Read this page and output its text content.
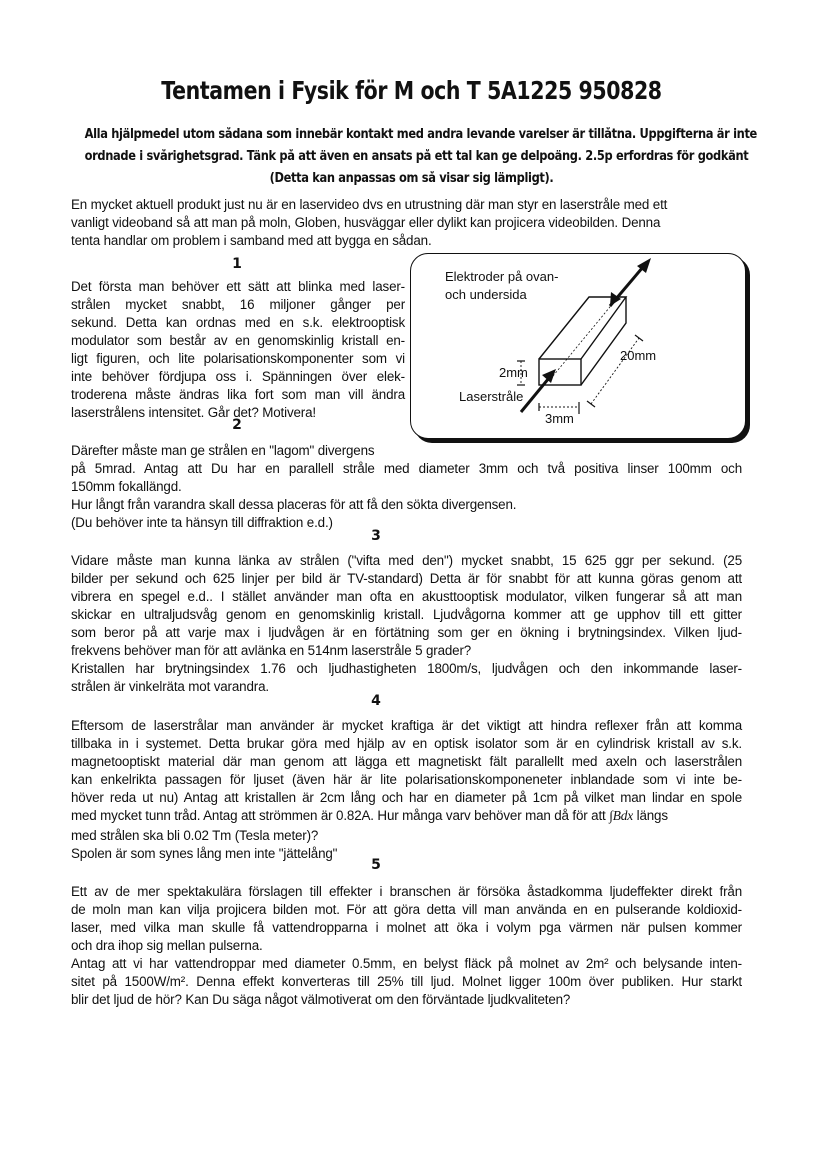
Tentamen i Fysik för M och T 5A1225 950828
Alla hjälpmedel utom sådana som innebär kontakt med andra levande varelser är tillåtna. Uppgifterna är inte
ordnade i svårighetsgrad. Tänk på att även en ansats på ett tal kan ge delpoäng. 2.5p erfordras för godkänt
(Detta kan anpassas om så visar sig lämpligt).
En mycket aktuell produkt just nu är en laservideo dvs en utrustning där man styr en laserstråle med ett
vanligt videoband så att man på moln, Globen, husväggar eller dylikt kan projicera videobilden. Denna
tenta handlar om problem i samband med att bygga en sådan.
1
Det första man behöver ett sätt att blinka med laser-
strålen mycket snabbt, 16 miljoner gånger per
sekund. Detta kan ordnas med en s.k. elektrooptisk
modulator som består av en genomskinlig kristall en-
ligt figuren, och lite polarisationskomponenter som vi
inte behöver fördjupa oss i. Spänningen över elek-
troderena måste ändras lika fort som man vill ändra
laserstrålens intensitet. Går det? Motivera!
Elektroder på ovan-
och undersida
20mm
2mm
Laserstråle
3mm
2
Därefter måste man ge strålen en "lagom" divergens
på 5mrad. Antag att Du har en parallell stråle med diameter 3mm och två positiva linser 100mm och
150mm fokallängd.
Hur långt från varandra skall dessa placeras för att få den sökta divergensen.
(Du behöver inte ta hänsyn till diffraktion e.d.)
3
Vidare måste man kunna länka av strålen ("vifta med den") mycket snabbt, 15 625 ggr per sekund. (25
bilder per sekund och 625 linjer per bild är TV-standard) Detta är för snabbt för att kunna göras genom att
vibrera en spegel e.d.. I stället använder man ofta en akusttooptisk modulator, vilken fungerar så att man
skickar en ultraljudsvåg genom en genomskinlig kristall. Ljudvågorna kommer att ge upphov till ett gitter
som beror på att varje max i ljudvågen är en förtätning som ger en ökning i brytningsindex. Vilken ljud-
frekvens behöver man för att avlänka en 514nm laserstråle 5 grader?
Kristallen har brytningsindex 1.76 och ljudhastigheten 1800m/s, ljudvågen och den inkommande laser-
strålen är vinkelräta mot varandra.
4
Eftersom de laserstrålar man använder är mycket kraftiga är det viktigt att hindra reflexer från att komma
tillbaka in i systemet. Detta brukar göra med hjälp av en optisk isolator som är en cylindrisk kristall av s.k.
magnetooptiskt material där man genom att lägga ett magnetiskt fält parallellt med axeln och laserstrålen
kan enkelrikta passagen för ljuset (även här är lite polarisationskomponeneter inblandade som vi inte be-
höver reda ut nu) Antag att kristallen är 2cm lång och har en diameter på 1cm på vilket man lindar en spole
med mycket tunn tråd. Antag att strömmen är 0.82A. Hur många varv behöver man då för att ∫Bdx längs
med strålen ska bli 0.02 Tm (Tesla meter)?
Spolen är som synes lång men inte "jättelång"
5
Ett av de mer spektakulära förslagen till effekter i branschen är försöka åstadkomma ljudeffekter direkt från
de moln man kan vilja projicera bilden mot. För att göra detta vill man använda en en pulserande koldioxid-
laser, med vilka man skulle få vattendropparna i molnet att öka i volym pga värmen när pulsen kommer
och dra ihop sig mellan pulserna.
Antag att vi har vattendroppar med diameter 0.5mm, en belyst fläck på molnet av 2m² och belysande inten-
sitet på 1500W/m². Denna effekt konverteras till 25% till ljud. Molnet ligger 100m över publiken. Hur starkt
blir det ljud de hör? Kan Du säga något välmotiverat om den förväntade ljudkvaliteten?
